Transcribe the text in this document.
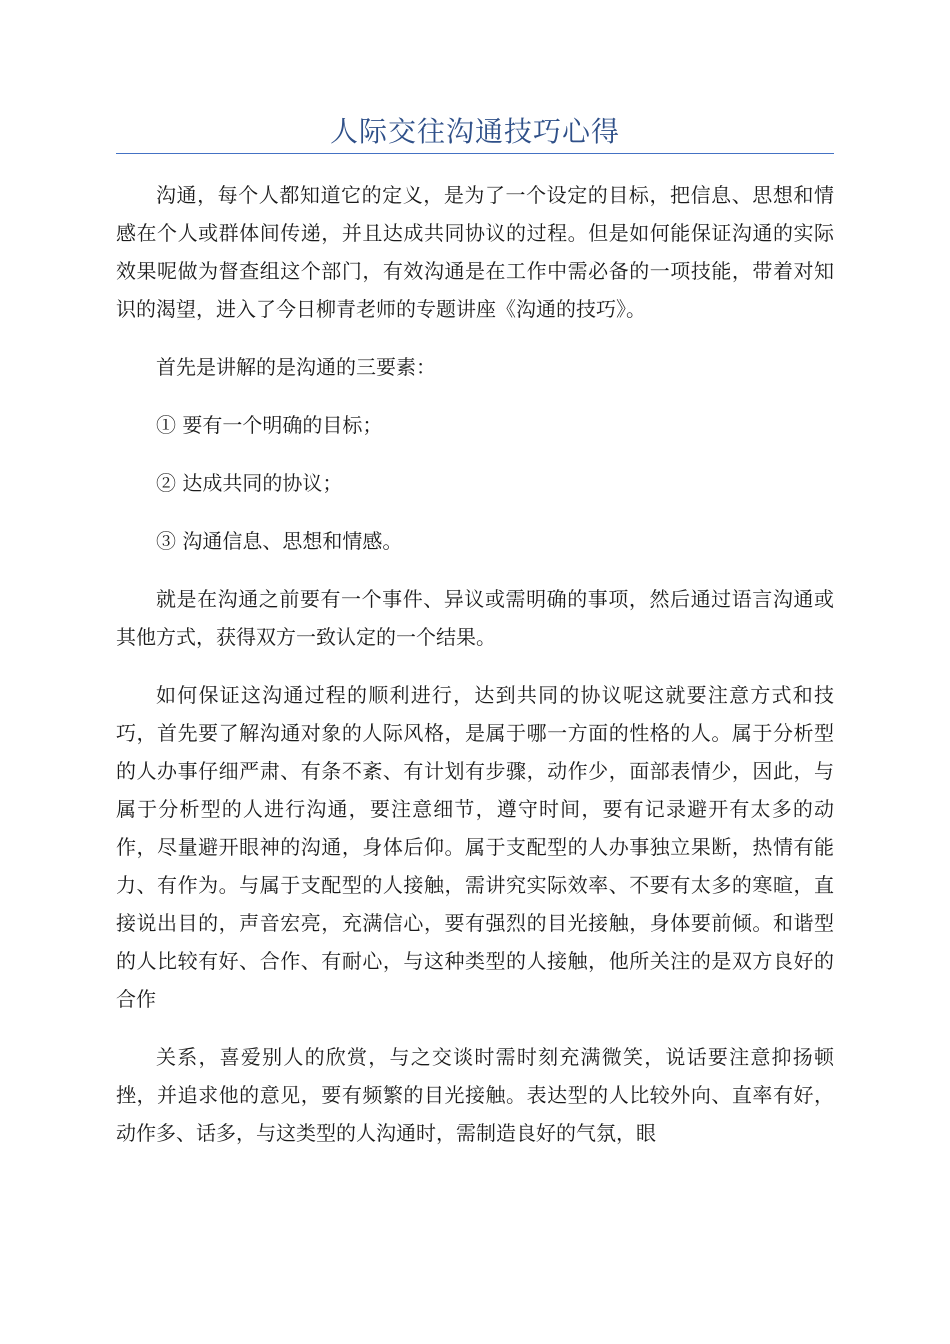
人际交往沟通技巧心得

沟通，每个人都知道它的定义，是为了一个设定的目标，把信息、思想和情感在个人或群体间传递，并且达成共同协议的过程。但是如何能保证沟通的实际效果呢做为督查组这个部门，有效沟通是在工作中需必备的一项技能，带着对知识的渴望，进入了今日柳青老师的专题讲座《沟通的技巧》。

首先是讲解的是沟通的三要素：

① 要有一个明确的目标；

② 达成共同的协议；

③ 沟通信息、思想和情感。

就是在沟通之前要有一个事件、异议或需明确的事项，然后通过语言沟通或其他方式，获得双方一致认定的一个结果。

如何保证这沟通过程的顺利进行，达到共同的协议呢这就要注意方式和技巧，首先要了解沟通对象的人际风格，是属于哪一方面的性格的人。属于分析型的人办事仔细严肃、有条不紊、有计划有步骤，动作少，面部表情少，因此，与属于分析型的人进行沟通，要注意细节，遵守时间，要有记录避开有太多的动作，尽量避开眼神的沟通，身体后仰。属于支配型的人办事独立果断，热情有能力、有作为。与属于支配型的人接触，需讲究实际效率、不要有太多的寒暄，直接说出目的，声音宏亮，充满信心，要有强烈的目光接触，身体要前倾。和谐型的人比较有好、合作、有耐心，与这种类型的人接触，他所关注的是双方良好的合作

关系，喜爱别人的欣赏，与之交谈时需时刻充满微笑，说话要注意抑扬顿挫，并追求他的意见，要有频繁的目光接触。表达型的人比较外向、直率有好，动作多、话多，与这类型的人沟通时，需制造良好的气氛，眼
